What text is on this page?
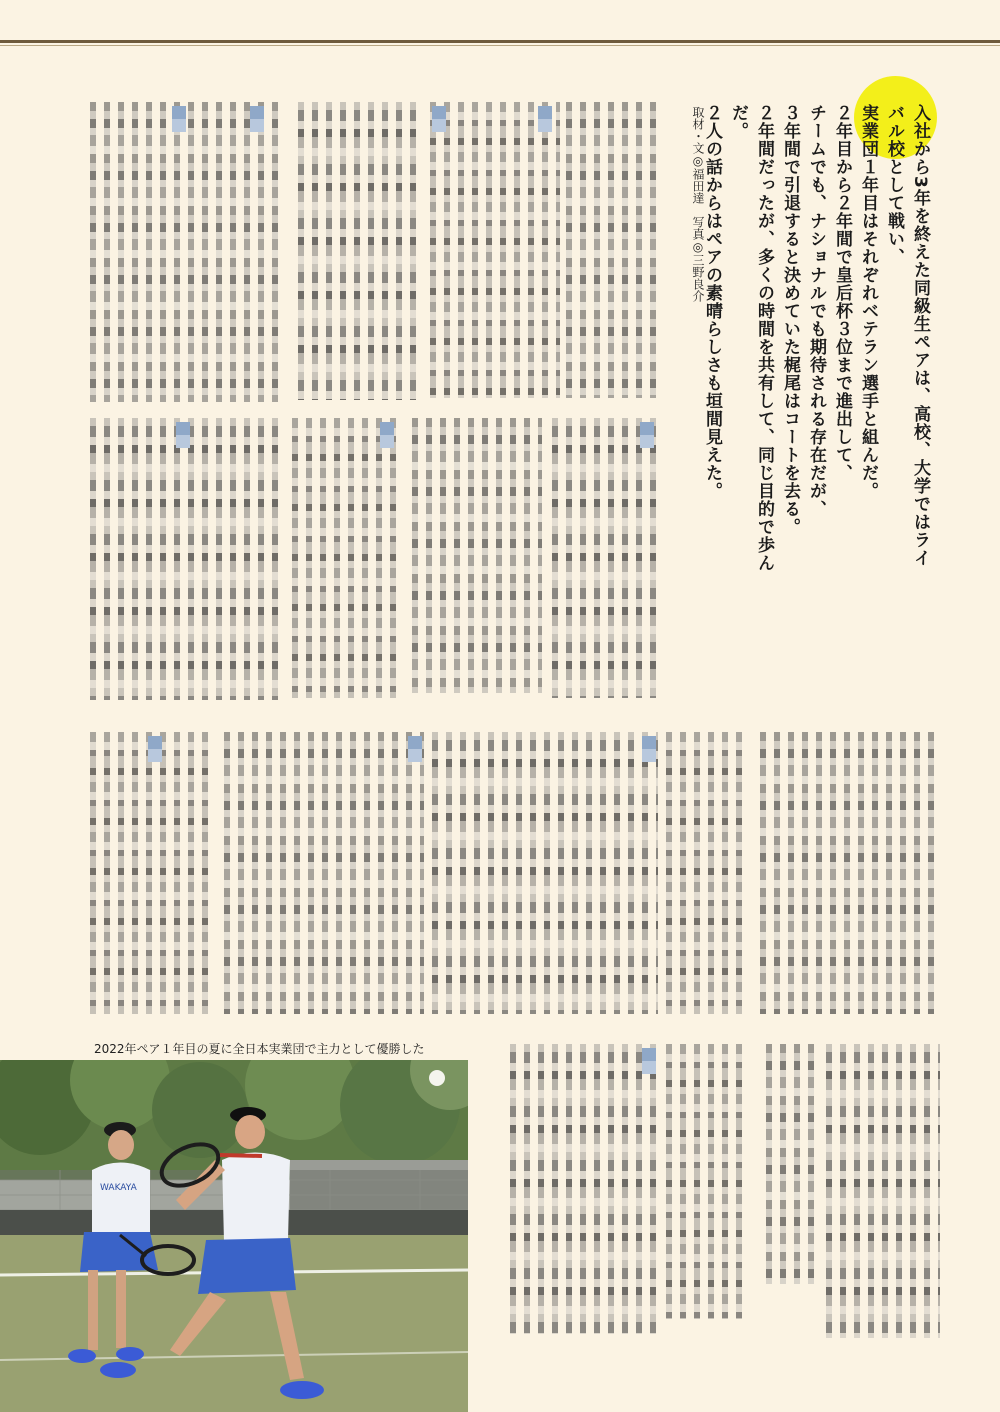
入社から3年を終えた同級生ペアは、高校、大学ではライバル校として戦い、
実業団１年目はそれぞれベテラン選手と組んだ。
２年目から２年間で皇后杯３位まで進出して、
チームでも、ナショナルでも期待される存在だが、
３年間で引退すると決めていた梶尾はコートを去る。
２年間だったが、多くの時間を共有して、同じ目的で歩んだ。
２人の話からはペアの素晴らしさも垣間見えた。
取材・文◎福田達　写真◎三野良介
2022年ペア１年目の夏に全日本実業団で主力として優勝した
WAKAYA
